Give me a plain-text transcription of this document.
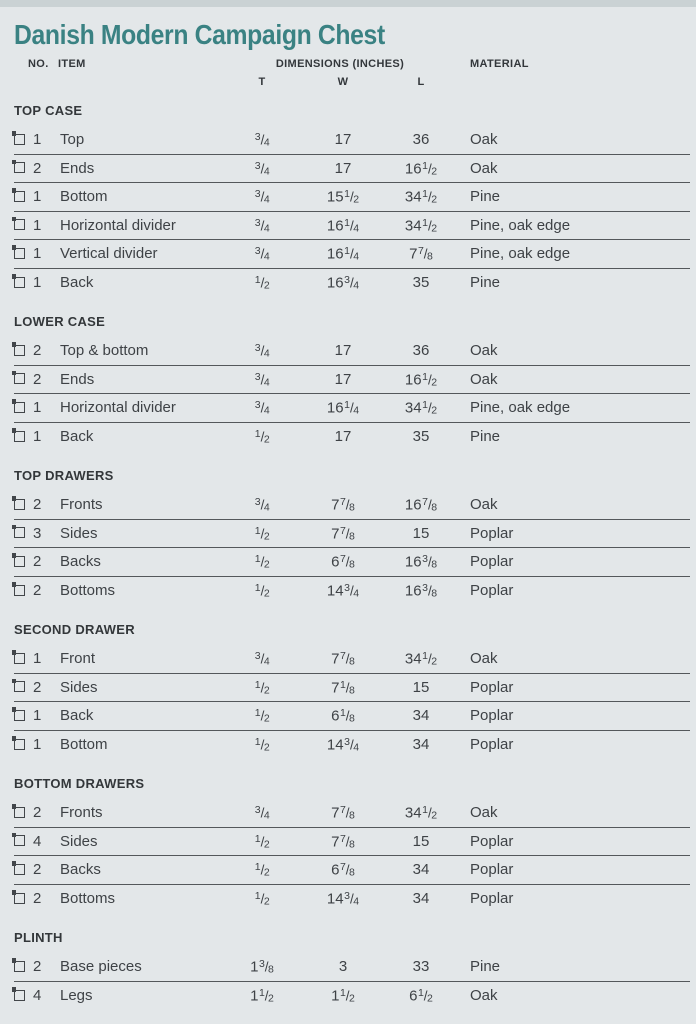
Danish Modern Campaign Chest
NO. ITEM	DIMENSIONS (INCHES)	MATERIAL
T	W	L
TOP CASE
1	Top	$^3$/4	17	36	Oak
2	Ends	$^3$/4	17	16$^1$/2	Oak
1	Bottom	$^3$/4	15$^1$/2	34$^1$/2	Pine
1	Horizontal divider	$^3$/4	16$^1$/4	34$^1$/2	Pine, oak edge
1	Vertical divider	$^3$/4	16$^1$/4	7$^7$/8	Pine, oak edge
1	Back	$^1$/2	16$^3$/4	35	Pine
LOWER CASE
2	Top & bottom	$^3$/4	17	36	Oak
2	Ends	$^3$/4	17	16$^1$/2	Oak
1	Horizontal divider	$^3$/4	16$^1$/4	34$^1$/2	Pine, oak edge
1	Back	$^1$/2	17	35	Pine
TOP DRAWERS
2	Fronts	$^3$/4	7$^7$/8	16$^7$/8	Oak
3	Sides	$^1$/2	7$^7$/8	15	Poplar
2	Backs	$^1$/2	6$^7$/8	16$^3$/8	Poplar
2	Bottoms	$^1$/2	14$^3$/4	16$^3$/8	Poplar
SECOND DRAWER
1	Front	$^3$/4	7$^7$/8	34$^1$/2	Oak
2	Sides	$^1$/2	7$^1$/8	15	Poplar
1	Back	$^1$/2	6$^1$/8	34	Poplar
1	Bottom	$^1$/2	14$^3$/4	34	Poplar
BOTTOM DRAWERS
2	Fronts	$^3$/4	7$^7$/8	34$^1$/2	Oak
4	Sides	$^1$/2	7$^7$/8	15	Poplar
2	Backs	$^1$/2	6$^7$/8	34	Poplar
2	Bottoms	$^1$/2	14$^3$/4	34	Poplar
PLINTH
2	Base pieces	1$^3$/8	3	33	Pine
4	Legs	1$^1$/2	1$^1$/2	6$^1$/2	Oak
